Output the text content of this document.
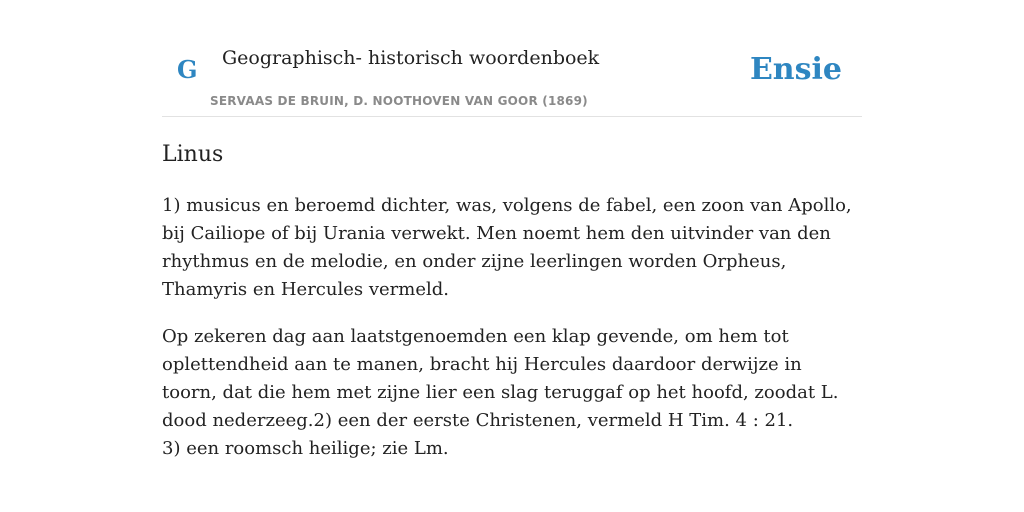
G Geographisch- historisch woordenboek
SERVAAS DE BRUIN, D. NOOTHOVEN VAN GOOR (1869)
Ensie
Linus

1) musicus en beroemd dichter, was, volgens de fabel, een zoon van Apollo, bij Cailiope of bij Urania verwekt. Men noemt hem den uitvinder van den rhythmus en de melodie, en onder zijne leerlingen worden Orpheus, Thamyris en Hercules vermeld.

Op zekeren dag aan laatstgenoemden een klap gevende, om hem tot oplettendheid aan te manen, bracht hij Hercules daardoor derwijze in toorn, dat die hem met zijne lier een slag teruggaf op het hoofd, zoodat L. dood nederzeeg.2) een der eerste Christenen, vermeld H Tim. 4 : 21.

3) een roomsch heilige; zie Lm.
